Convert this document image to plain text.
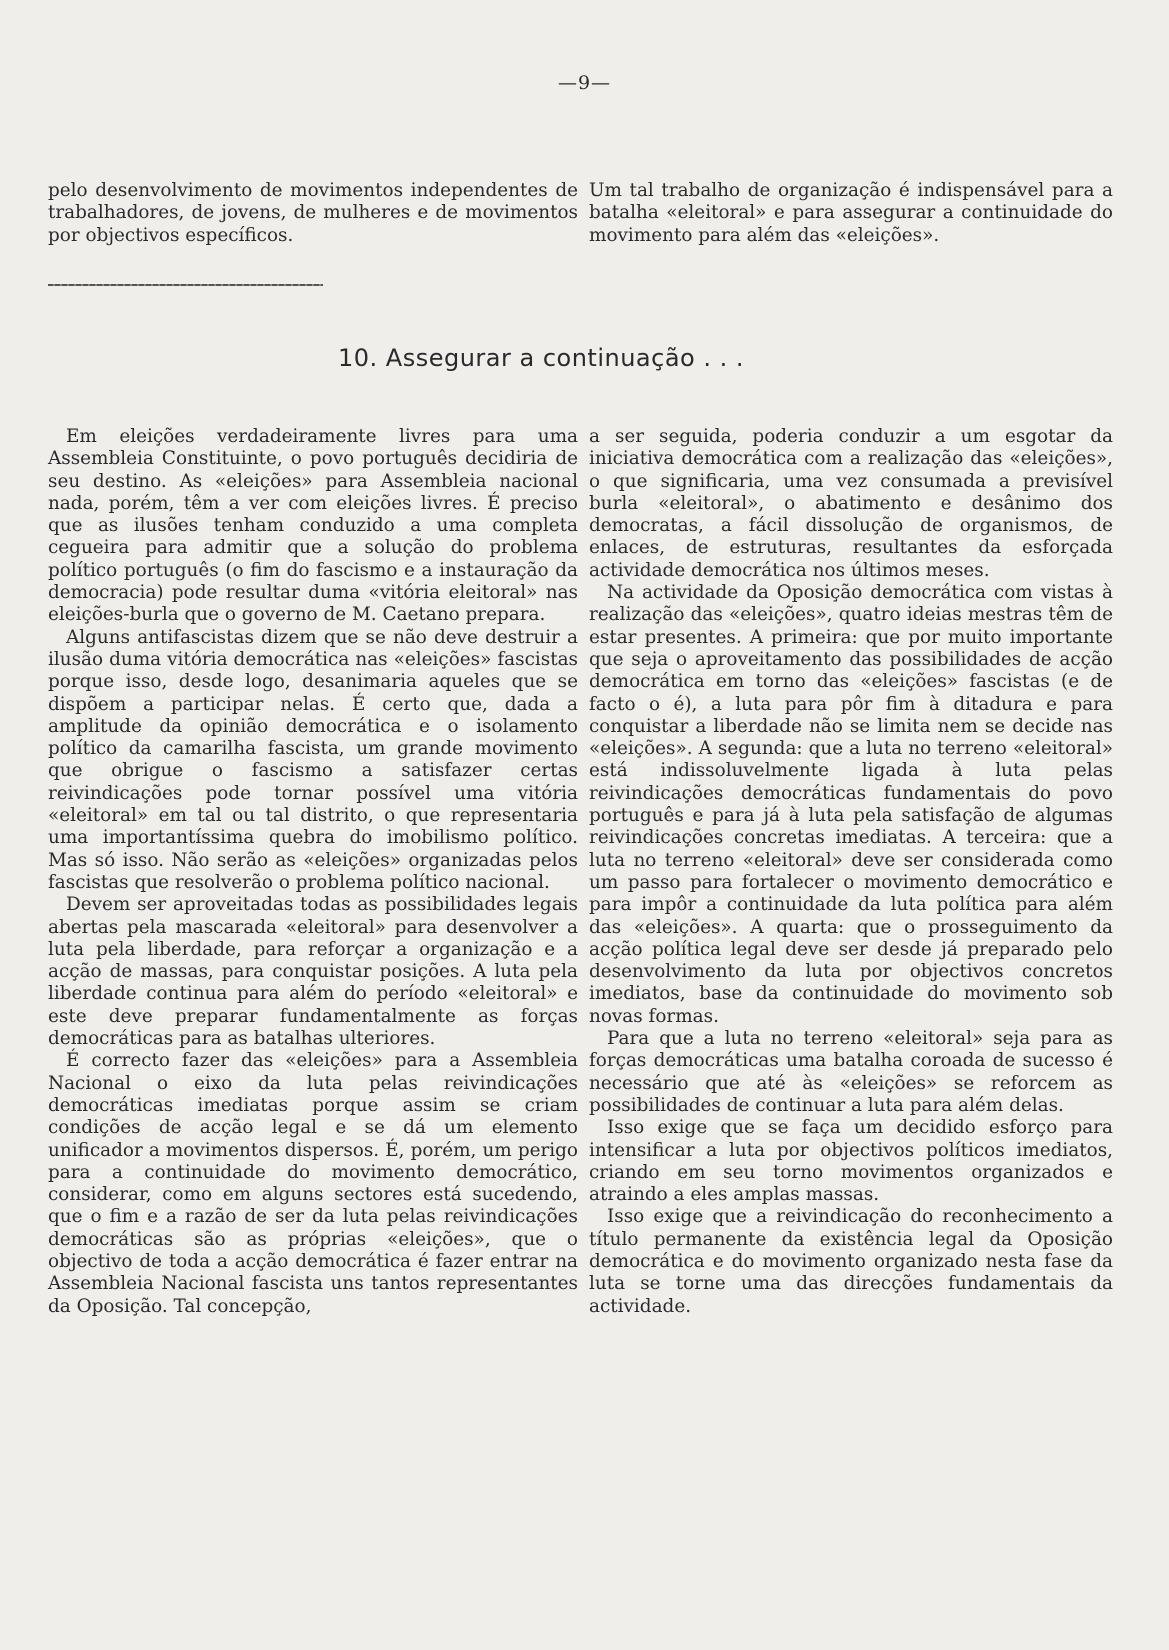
—9—

pelo desenvolvimento de movimentos independentes de trabalhadores, de jovens, de mulheres e de movimentos por objectivos específicos.

Um tal trabalho de organização é indispensável para a batalha «eleitoral» e para assegurar a continuidade do movimento para além das «eleições».

10. Assegurar a continuação . . .

Em eleições verdadeiramente livres para uma Assembleia Constituinte, o povo português decidiria de seu destino. As «eleições» para Assembleia nacional nada, porém, têm a ver com eleições livres. É preciso que as ilusões tenham conduzido a uma completa cegueira para admitir que a solução do problema político português (o fim do fascismo e a instauração da democracia) pode resultar duma «vitória eleitoral» nas eleições-burla que o governo de M. Caetano prepara.

Alguns antifascistas dizem que se não deve destruir a ilusão duma vitória democrática nas «eleições» fascistas porque isso, desde logo, desanimaria aqueles que se dispõem a participar nelas. É certo que, dada a amplitude da opinião democrática e o isolamento político da camarilha fascista, um grande movimento que obrigue o fascismo a satisfazer certas reivindicações pode tornar possível uma vitória «eleitoral» em tal ou tal distrito, o que representaria uma importantíssima quebra do imobilismo político. Mas só isso. Não serão as «eleições» organizadas pelos fascistas que resolverão o problema político nacional.

Devem ser aproveitadas todas as possibilidades legais abertas pela mascarada «eleitoral» para desenvolver a luta pela liberdade, para reforçar a organização e a acção de massas, para conquistar posições. A luta pela liberdade continua para além do período «eleitoral» e este deve preparar fundamentalmente as forças democráticas para as batalhas ulteriores.

É correcto fazer das «eleições» para a Assembleia Nacional o eixo da luta pelas reivindicações democráticas imediatas porque assim se criam condições de acção legal e se dá um elemento unificador a movimentos dispersos. É, porém, um perigo para a continuidade do movimento democrático, considerar, como em alguns sectores está sucedendo, que o fim e a razão de ser da luta pelas reivindicações democráticas são as próprias «eleições», que o objectivo de toda a acção democrática é fazer entrar na Assembleia Nacional fascista uns tantos representantes da Oposição. Tal concepção,

a ser seguida, poderia conduzir a um esgotar da iniciativa democrática com a realização das «eleições», o que significaria, uma vez consumada a previsível burla «eleitoral», o abatimento e desânimo dos democratas, a fácil dissolução de organismos, de enlaces, de estruturas, resultantes da esforçada actividade democrática nos últimos meses.

Na actividade da Oposição democrática com vistas à realização das «eleições», quatro ideias mestras têm de estar presentes. A primeira: que por muito importante que seja o aproveitamento das possibilidades de acção democrática em torno das «eleições» fascistas (e de facto o é), a luta para pôr fim à ditadura e para conquistar a liberdade não se limita nem se decide nas «eleições». A segunda: que a luta no terreno «eleitoral» está indissoluvelmente ligada à luta pelas reivindicações democráticas fundamentais do povo português e para já à luta pela satisfação de algumas reivindicações concretas imediatas. A terceira: que a luta no terreno «eleitoral» deve ser considerada como um passo para fortalecer o movimento democrático e para impôr a continuidade da luta política para além das «eleições». A quarta: que o prosseguimento da acção política legal deve ser desde já preparado pelo desenvolvimento da luta por objectivos concretos imediatos, base da continuidade do movimento sob novas formas.

Para que a luta no terreno «eleitoral» seja para as forças democráticas uma batalha coroada de sucesso é necessário que até às «eleições» se reforcem as possibilidades de continuar a luta para além delas.

Isso exige que se faça um decidido esforço para intensificar a luta por objectivos políticos imediatos, criando em seu torno movimentos organizados e atraindo a eles amplas massas.

Isso exige que a reivindicação do reconhecimento a título permanente da existência legal da Oposição democrática e do movimento organizado nesta fase da luta se torne uma das direcções fundamentais da actividade.
